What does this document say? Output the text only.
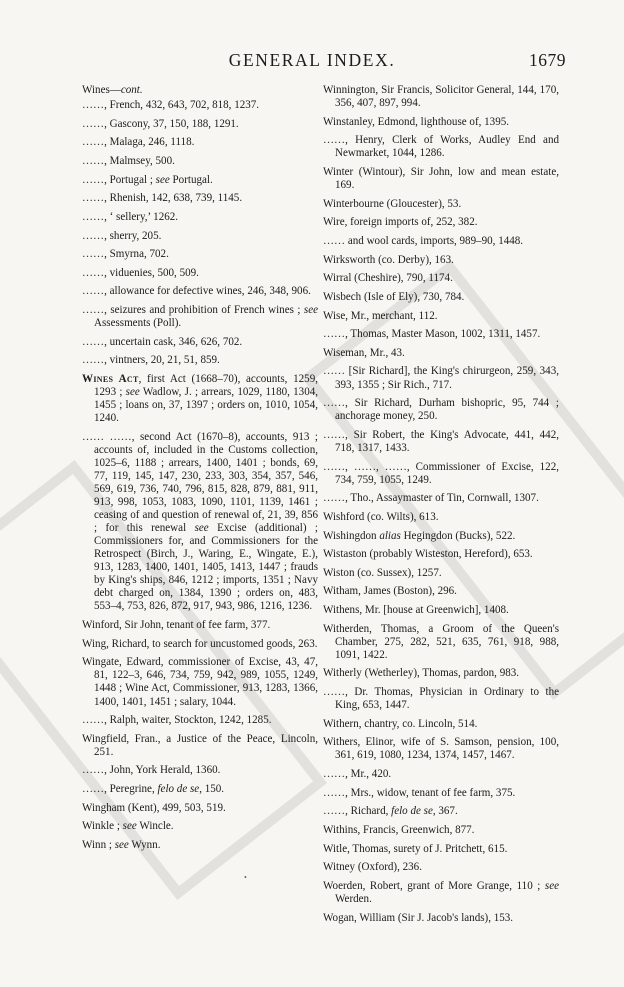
GENERAL INDEX.	1679

Wines—cont.

……, French, 432, 643, 702, 818, 1237.

……, Gascony, 37, 150, 188, 1291.

……, Malaga, 246, 1118.

……, Malmsey, 500.

……, Portugal ; see Portugal.

……, Rhenish, 142, 638, 739, 1145.

……, ‘ sellery,’ 1262.

……, sherry, 205.

……, Smyrna, 702.

……, viduenies, 500, 509.

……, allowance for defective wines, 246, 348, 906.

……, seizures and prohibition of French wines ; see Assessments (Poll).

……, uncertain cask, 346, 626, 702.

……, vintners, 20, 21, 51, 859.

Wines Act, first Act (1668–70), accounts, 1259, 1293 ; see Wadlow, J. ; arrears, 1029, 1180, 1304, 1455 ; loans on, 37, 1397 ; orders on, 1010, 1054, 1240.

…… ……, second Act (1670–8), accounts, 913 ; accounts of, included in the Customs collection, 1025–6, 1188 ; arrears, 1400, 1401 ; bonds, 69, 77, 119, 145, 147, 230, 233, 303, 354, 357, 546, 569, 619, 736, 740, 796, 815, 828, 879, 881, 911, 913, 998, 1053, 1083, 1090, 1101, 1139, 1461 ; ceasing of and question of renewal of, 21, 39, 856 ; for this renewal see Excise (additional) ; Commissioners for, and Commissioners for the Retrospect (Birch, J., Waring, E., Wingate, E.), 913, 1283, 1400, 1401, 1405, 1413, 1447 ; frauds by King's ships, 846, 1212 ; imports, 1351 ; Navy debt charged on, 1384, 1390 ; orders on, 483, 553–4, 753, 826, 872, 917, 943, 986, 1216, 1236.

Winford, Sir John, tenant of fee farm, 377.

Wing, Richard, to search for uncustomed goods, 263.

Wingate, Edward, commissioner of Excise, 43, 47, 81, 122–3, 646, 734, 759, 942, 989, 1055, 1249, 1448 ; Wine Act, Commissioner, 913, 1283, 1366, 1400, 1401, 1451 ; salary, 1044.

……, Ralph, waiter, Stockton, 1242, 1285.

Wingfield, Fran., a Justice of the Peace, Lincoln, 251.

……, John, York Herald, 1360.

……, Peregrine, felo de se, 150.

Wingham (Kent), 499, 503, 519.

Winkle ; see Wincle.

Winn ; see Wynn.

Winnington, Sir Francis, Solicitor General, 144, 170, 356, 407, 897, 994.

Winstanley, Edmond, lighthouse of, 1395.

……, Henry, Clerk of Works, Audley End and Newmarket, 1044, 1286.

Winter (Wintour), Sir John, low and mean estate, 169.

Winterbourne (Gloucester), 53.

Wire, foreign imports of, 252, 382.

…… and wool cards, imports, 989–90, 1448.

Wirksworth (co. Derby), 163.

Wirral (Cheshire), 790, 1174.

Wisbech (Isle of Ely), 730, 784.

Wise, Mr., merchant, 112.

……, Thomas, Master Mason, 1002, 1311, 1457.

Wiseman, Mr., 43.

…… [Sir Richard], the King's chirurgeon, 259, 343, 393, 1355 ; Sir Rich., 717.

……, Sir Richard, Durham bishopric, 95, 744 ; anchorage money, 250.

……, Sir Robert, the King's Advocate, 441, 442, 718, 1317, 1433.

……, ……, ……, Commissioner of Excise, 122, 734, 759, 1055, 1249.

……, Tho., Assaymaster of Tin, Cornwall, 1307.

Wishford (co. Wilts), 613.

Wishingdon alias Hegingdon (Bucks), 522.

Wistaston (probably Wisteston, Hereford), 653.

Wiston (co. Sussex), 1257.

Witham, James (Boston), 296.

Withens, Mr. [house at Greenwich], 1408.

Witherden, Thomas, a Groom of the Queen's Chamber, 275, 282, 521, 635, 761, 918, 988, 1091, 1422.

Witherly (Wetherley), Thomas, pardon, 983.

……, Dr. Thomas, Physician in Ordinary to the King, 653, 1447.

Withern, chantry, co. Lincoln, 514.

Withers, Elinor, wife of S. Samson, pension, 100, 361, 619, 1080, 1234, 1374, 1457, 1467.

……, Mr., 420.

……, Mrs., widow, tenant of fee farm, 375.

……, Richard, felo de se, 367.

Withins, Francis, Greenwich, 877.

Witle, Thomas, surety of J. Pritchett, 615.

Witney (Oxford), 236.

Woerden, Robert, grant of More Grange, 110 ; see Werden.

Wogan, William (Sir J. Jacob's lands), 153.

•
